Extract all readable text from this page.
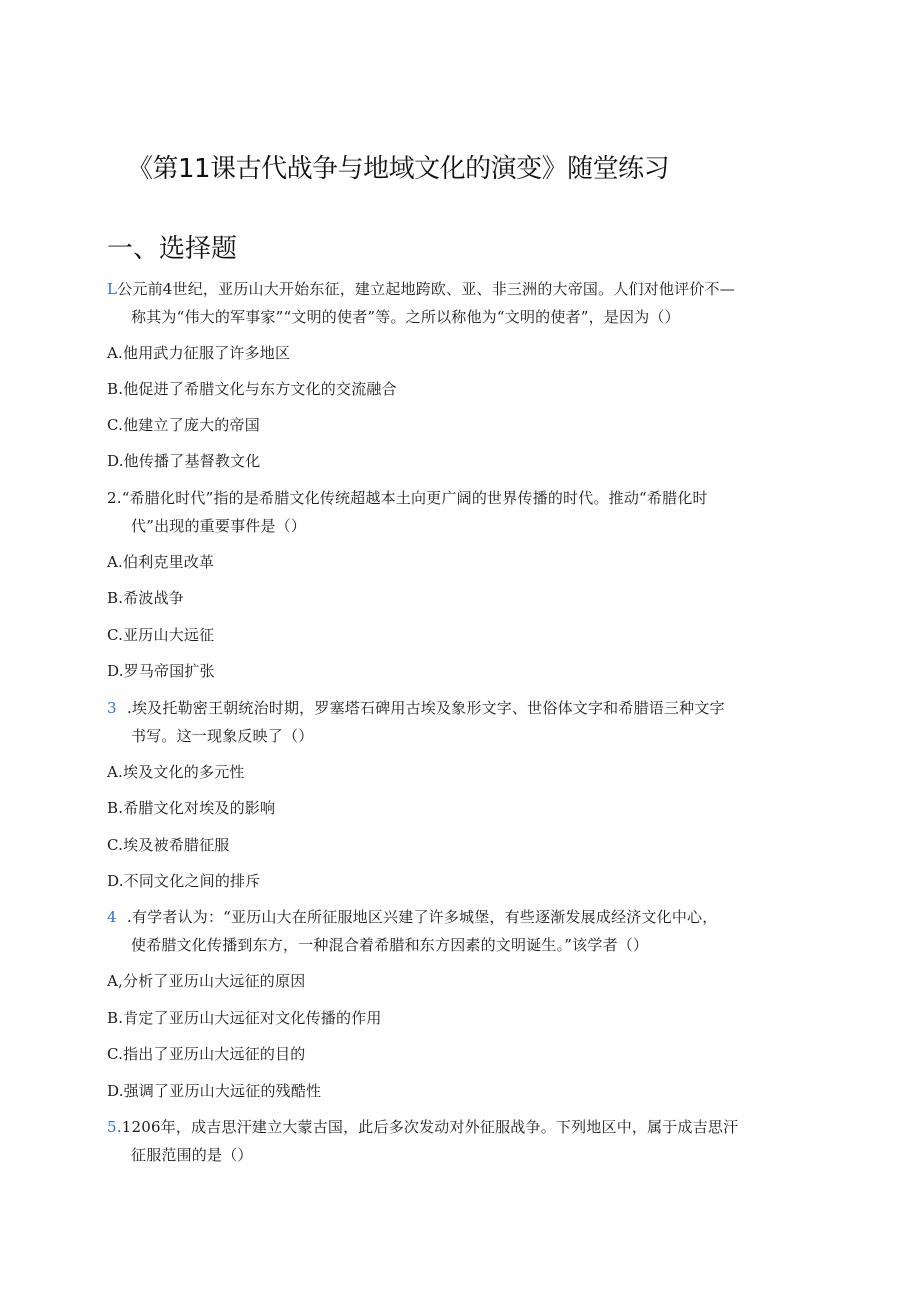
《第11课古代战争与地域文化的演变》随堂练习
一、选择题
L公元前4世纪，亚历山大开始东征，建立起地跨欧、亚、非三洲的大帝国。人们对他评价不—
称其为“伟大的军事家”“文明的使者”等。之所以称他为“文明的使者”，是因为（）
A.他用武力征服了许多地区
B.他促进了希腊文化与东方文化的交流融合
C.他建立了庞大的帝国
D.他传播了基督教文化
2.“希腊化时代”指的是希腊文化传统超越本土向更广阔的世界传播的时代。推动“希腊化时
代”出现的重要事件是（）
A.伯利克里改革
B.希波战争
C.亚历山大远征
D.罗马帝国扩张
3 .埃及托勒密王朝统治时期，罗塞塔石碑用古埃及象形文字、世俗体文字和希腊语三种文字
书写。这一现象反映了（）
A.埃及文化的多元性
B.希腊文化对埃及的影响
C.埃及被希腊征服
D.不同文化之间的排斥
4 .有学者认为：“亚历山大在所征服地区兴建了许多城堡，有些逐渐发展成经济文化中心，
使希腊文化传播到东方，一种混合着希腊和东方因素的文明诞生。”该学者（）
A,分析了亚历山大远征的原因
B.肯定了亚历山大远征对文化传播的作用
C.指出了亚历山大远征的目的
D.强调了亚历山大远征的残酷性
5.1206年，成吉思汗建立大蒙古国，此后多次发动对外征服战争。下列地区中，属于成吉思汗
征服范围的是（）
